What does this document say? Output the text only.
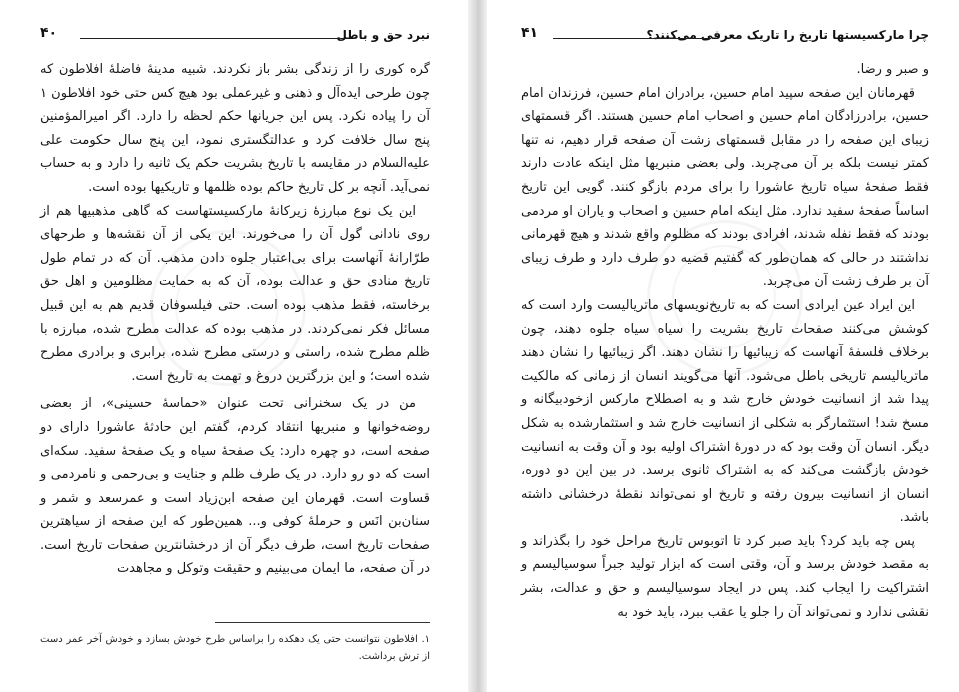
نبرد حق و باطل
۴۰

گره کوری را از زندگی بشر باز نکردند. شبیه مدینهٔ فاضلهٔ افلاطون که چون طرحی ایده‌آل و ذهنی و غیرعملی بود هیچ کس حتی خود افلاطون ۱ آن را پیاده نکرد. پس این جریانها حکم لحظه را دارد. اگر امیرالمؤمنین پنج سال خلافت کرد و عدالتگستری نمود، این پنج سال حکومت علی علیه‌السلام در مقایسه با تاریخ بشریت حکم یک ثانیه را دارد و به حساب نمی‌آید. آنچه بر کل تاریخ حاکم بوده ظلمها و تاریکیها بوده است.

این یک نوع مبارزهٔ زیرکانهٔ مارکسیستهاست که گاهی مذهبیها هم از روی نادانی گول آن را می‌خورند. این یکی از آن نقشه‌ها و طرحهای طرّارانهٔ آنهاست برای بی‌اعتبار جلوه دادن مذهب. آن که در تمام طول تاریخ منادی حق و عدالت بوده، آن که به حمایت مظلومین و اهل حق برخاسته، فقط مذهب بوده است. حتی فیلسوفان قدیم هم به این قبیل مسائل فکر نمی‌کردند. در مذهب بوده که عدالت مطرح شده، مبارزه با ظلم مطرح شده، راستی و درستی مطرح شده، برابری و برادری مطرح شده است؛ و این بزرگترین دروغ و تهمت به تاریخ است.

من در یک سخنرانی تحت عنوان «حماسهٔ حسینی»، از بعضی روضه‌خوانها و منبریها انتقاد کردم، گفتم این حادثهٔ عاشورا دارای دو صفحه است، دو چهره دارد: یک صفحهٔ سیاه و یک صفحهٔ سفید. سکه‌ای است که دو رو دارد. در یک طرف ظلم و جنایت و بی‌رحمی و نامردمی و قساوت است. قهرمان این صفحه ابن‌زیاد است و عمرسعد و شمر و سنان‌بن انَس و حرملهٔ کوفی و... همین‌طور که این صفحه از سیاهترین صفحات تاریخ است، طرف دیگر آن از درخشانترین صفحات تاریخ است. در آن صفحه، ما ایمان می‌بینیم و حقیقت وتوکل و مجاهدت

۱. افلاطون نتوانست حتی یک دهکده را براساس طرح خودش بسازد و خودش آخر عمر دست از ترش برداشت.
چرا مارکسیستها تاریخ را تاریک معرفی می‌کنند؟
۴۱

و صبر و رضا.

قهرمانان این صفحه سپید امام حسین، برادران امام حسین، فرزندان امام حسین، برادرزادگان امام حسین و اصحاب امام حسین هستند. اگر قسمتهای زیبای این صفحه را در مقابل قسمتهای زشت آن صفحه قرار دهیم، نه تنها کمتر نیست بلکه بر آن می‌چربد. ولی بعضی منبریها مثل اینکه عادت دارند فقط صفحهٔ سیاه تاریخ عاشورا را برای مردم بازگو کنند. گویی این تاریخ اساساً صفحهٔ سفید ندارد. مثل اینکه امام حسین و اصحاب و یاران او مردمی بودند که فقط نفله شدند، افرادی بودند که مظلوم واقع شدند و هیچ قهرمانی نداشتند در حالی که همان‌طور که گفتیم قضیه دو طرف دارد و طرف زیبای آن بر طرف زشت آن می‌چربد.

این ایراد عین ایرادی است که به تاریخ‌نویسهای ماتریالیست وارد است که کوشش می‌کنند صفحات تاریخ بشریت را سیاه سیاه جلوه دهند، چون برخلاف فلسفهٔ آنهاست که زیبائیها را نشان دهند. اگر زیبائیها را نشان دهند ماتریالیسم تاریخی باطل می‌شود. آنها می‌گویند انسان از زمانی که مالکیت پیدا شد از انسانیت خودش خارج شد و به اصطلاح مارکس ازخودبیگانه و مسخ شد! استثمارگر به شکلی از انسانیت خارج شد و استثمارشده به شکل دیگر. انسان آن وقت بود که در دورهٔ اشتراک اولیه بود و آن وقت به انسانیت خودش بازگشت می‌کند که به اشتراک ثانوی برسد. در بین این دو دوره، انسان از انسانیت بیرون رفته و تاریخ او نمی‌تواند نقطهٔ درخشانی داشته باشد.

پس چه باید کرد؟ باید صبر کرد تا اتوبوس تاریخ مراحل خود را بگذراند و به مقصد خودش برسد و آن، وقتی است که ابزار تولید جبراً سوسیالیسم و اشتراکیت را ایجاب کند. پس در ایجاد سوسیالیسم و حق و عدالت، بشر نقشی ندارد و نمی‌تواند آن را جلو یا عقب ببرد، باید خود به
